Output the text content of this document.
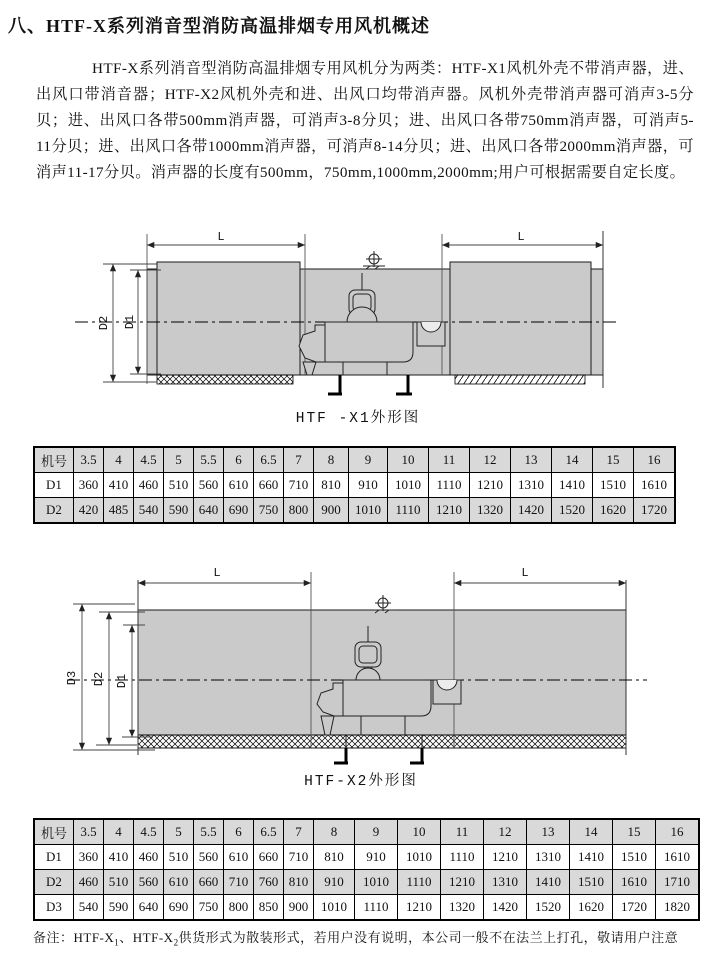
八、HTF-X系列消音型消防高温排烟专用风机概述

HTF-X系列消音型消防高温排烟专用风机分为两类：HTF-X1风机外壳不带消声器，进、出风口带消音器；HTF-X2风机外壳和进、出风口均带消声器。风机外壳带消声器可消声3-5分贝；进、出风口各带500mm消声器，可消声3-8分贝；进、出风口各带750mm消声器，可消声5-11分贝；进、出风口各带1000mm消声器，可消声8-14分贝；进、出风口各带2000mm消声器，可消声11-17分贝。消声器的长度有500mm，750mm,1000mm,2000mm;用户可根据需要自定长度。

L	L
D2 D1
HTF -X1外形图
机号	3.5	4	4.5	5	5.5	6	6.5	7	8	9	10	11	12	13	14	15	16
D1	360	410	460	510	560	610	660	710	810	910	1010	1110	1210	1310	1410	1510	1610
D2	420	485	540	590	640	690	750	800	900	1010	1110	1210	1320	1420	1520	1620	1720
L	L
D3 D2 D1
HTF-X2外形图
机号	3.5	4	4.5	5	5.5	6	6.5	7	8	9	10	11	12	13	14	15	16
D1	360	410	460	510	560	610	660	710	810	910	1010	1110	1210	1310	1410	1510	1610
D2	460	510	560	610	660	710	760	810	910	1010	1110	1210	1310	1410	1510	1610	1710
D3	540	590	640	690	750	800	850	900	1010	1110	1210	1320	1420	1520	1620	1720	1820
备注：HTF-$X_1$、HTF-$X_2$供货形式为散装形式，若用户没有说明，本公司一般不在法兰上打孔，敬请用户注意
